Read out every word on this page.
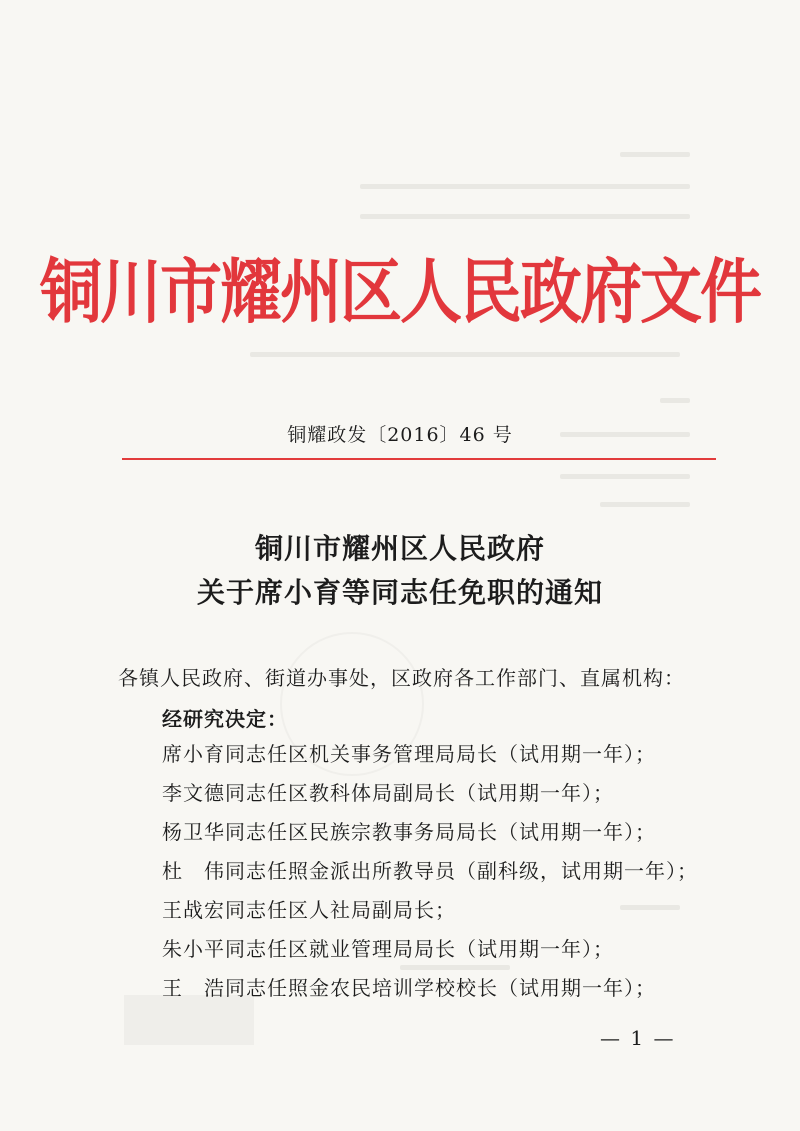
铜川市耀州区人民政府文件
铜耀政发〔2016〕46 号
铜川市耀州区人民政府
关于席小育等同志任免职的通知
各镇人民政府、街道办事处，区政府各工作部门、直属机构：
经研究决定：
席小育同志任区机关事务管理局局长（试用期一年）；
李文德同志任区教科体局副局长（试用期一年）；
杨卫华同志任区民族宗教事务局局长（试用期一年）；
杜　伟同志任照金派出所教导员（副科级，试用期一年）；
王战宏同志任区人社局副局长；
朱小平同志任区就业管理局局长（试用期一年）；
王　浩同志任照金农民培训学校校长（试用期一年）；
— 1 —
